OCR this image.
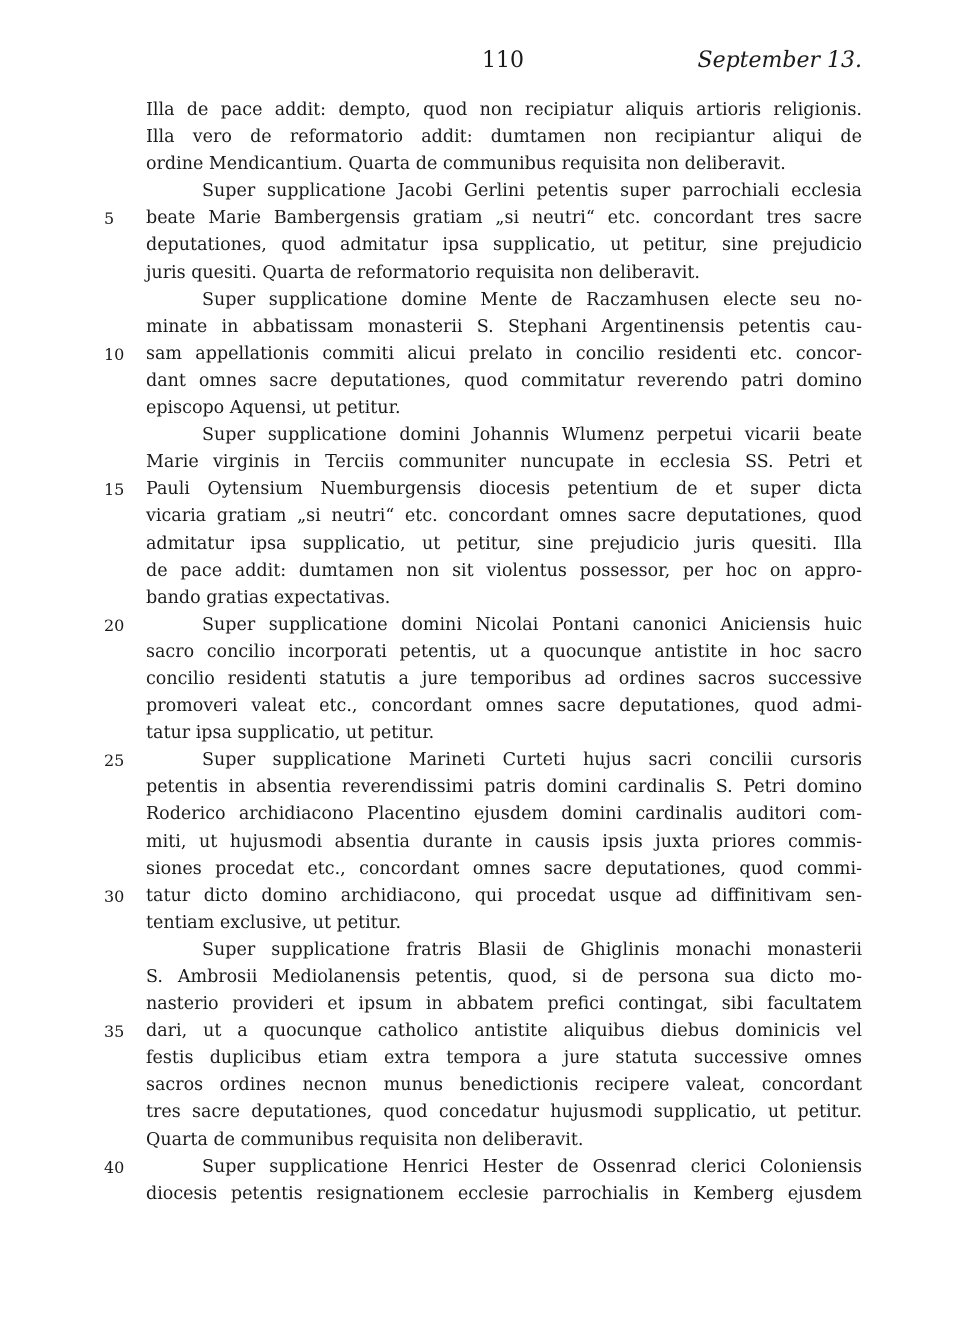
110	September 13.
Illa de pace addit: dempto, quod non recipiatur aliquis artioris religionis.
Illa vero de reformatorio addit: dumtamen non recipiantur aliqui de
ordine Mendicantium. Quarta de communibus requisita non deliberavit.
Super supplicatione Jacobi Gerlini petentis super parrochiali ecclesia
beate Marie Bambergensis gratiam „si neutri“ etc. concordant tres sacre
5
deputationes, quod admitatur ipsa supplicatio, ut petitur, sine prejudicio
juris quesiti. Quarta de reformatorio requisita non deliberavit.
Super supplicatione domine Mente de Raczamhusen electe seu no-
minate in abbatissam monasterii S. Stephani Argentinensis petentis cau-
sam appellationis commiti alicui prelato in concilio residenti etc. concor-
10
dant omnes sacre deputationes, quod commitatur reverendo patri domino
episcopo Aquensi, ut petitur.
Super supplicatione domini Johannis Wlumenz perpetui vicarii beate
Marie virginis in Terciis communiter nuncupate in ecclesia SS. Petri et
Pauli Oytensium Nuemburgensis diocesis petentium de et super dicta
15
vicaria gratiam „si neutri“ etc. concordant omnes sacre deputationes, quod
admitatur ipsa supplicatio, ut petitur, sine prejudicio juris quesiti. Illa
de pace addit: dumtamen non sit violentus possessor, per hoc on appro-
bando gratias expectativas.
Super supplicatione domini Nicolai Pontani canonici Aniciensis huic
20
sacro concilio incorporati petentis, ut a quocunque antistite in hoc sacro
concilio residenti statutis a jure temporibus ad ordines sacros successive
promoveri valeat etc., concordant omnes sacre deputationes, quod admi-
tatur ipsa supplicatio, ut petitur.
Super supplicatione Marineti Curteti hujus sacri concilii cursoris
25
petentis in absentia reverendissimi patris domini cardinalis S. Petri domino
Roderico archidiacono Placentino ejusdem domini cardinalis auditori com-
miti, ut hujusmodi absentia durante in causis ipsis juxta priores commis-
siones procedat etc., concordant omnes sacre deputationes, quod commi-
tatur dicto domino archidiacono, qui procedat usque ad diffinitivam sen-
30
tentiam exclusive, ut petitur.
Super supplicatione fratris Blasii de Ghiglinis monachi monasterii
S. Ambrosii Mediolanensis petentis, quod, si de persona sua dicto mo-
nasterio provideri et ipsum in abbatem prefici contingat, sibi facultatem
dari, ut a quocunque catholico antistite aliquibus diebus dominicis vel
35
festis duplicibus etiam extra tempora a jure statuta successive omnes
sacros ordines necnon munus benedictionis recipere valeat, concordant
tres sacre deputationes, quod concedatur hujusmodi supplicatio, ut petitur.
Quarta de communibus requisita non deliberavit.
Super supplicatione Henrici Hester de Ossenrad clerici Coloniensis
40
diocesis petentis resignationem ecclesie parrochialis in Kemberg ejusdem
